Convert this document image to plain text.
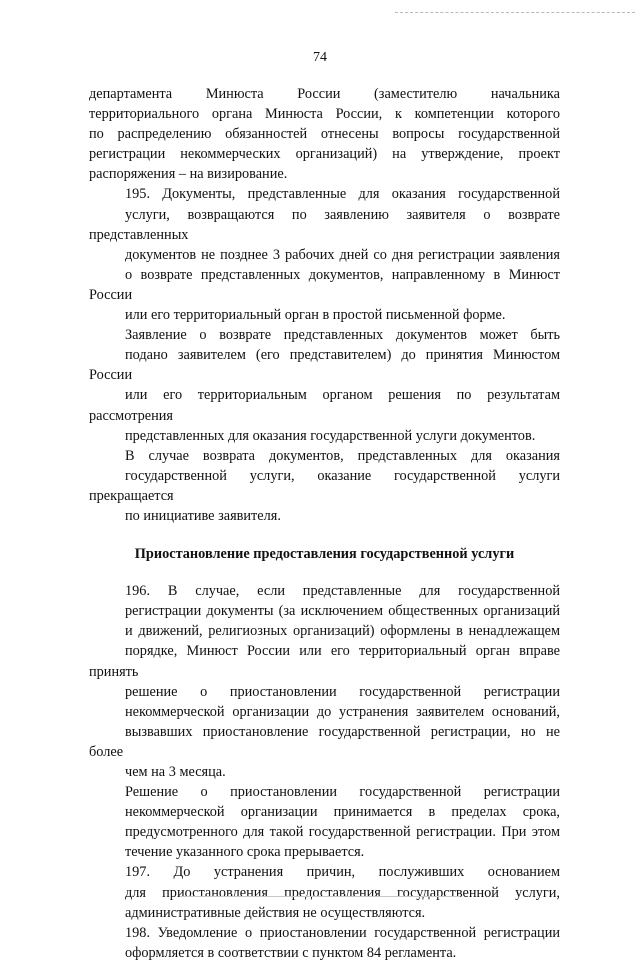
74
департамента Минюста России (заместителю начальника
территориального органа Минюста России, к компетенции которого
по распределению обязанностей отнесены вопросы государственной
регистрации некоммерческих организаций) на утверждение, проект
распоряжения – на визирование.
195. Документы, представленные для оказания государственной
услуги, возвращаются по заявлению заявителя о возврате представленных
документов не позднее 3 рабочих дней со дня регистрации заявления
о возврате представленных документов, направленному в Минюст России
или его территориальный орган в простой письменной форме.
Заявление о возврате представленных документов может быть
подано заявителем (его представителем) до принятия Минюстом России
или его территориальным органом решения по результатам рассмотрения
представленных для оказания государственной услуги документов.
В случае возврата документов, представленных для оказания
государственной услуги, оказание государственной услуги прекращается
по инициативе заявителя.
Приостановление предоставления государственной услуги
196. В случае, если представленные для государственной
регистрации документы (за исключением общественных организаций
и движений, религиозных организаций) оформлены в ненадлежащем
порядке, Минюст России или его территориальный орган вправе принять
решение о приостановлении государственной регистрации
некоммерческой организации до устранения заявителем оснований,
вызвавших приостановление государственной регистрации, но не более
чем на 3 месяца.
Решение о приостановлении государственной регистрации
некоммерческой организации принимается в пределах срока,
предусмотренного для такой государственной регистрации. При этом
течение указанного срока прерывается.
197. До устранения причин, послуживших основанием
для приостановления предоставления государственной услуги,
административные действия не осуществляются.
198. Уведомление о приостановлении государственной регистрации
оформляется в соответствии с пунктом 84 регламента.
